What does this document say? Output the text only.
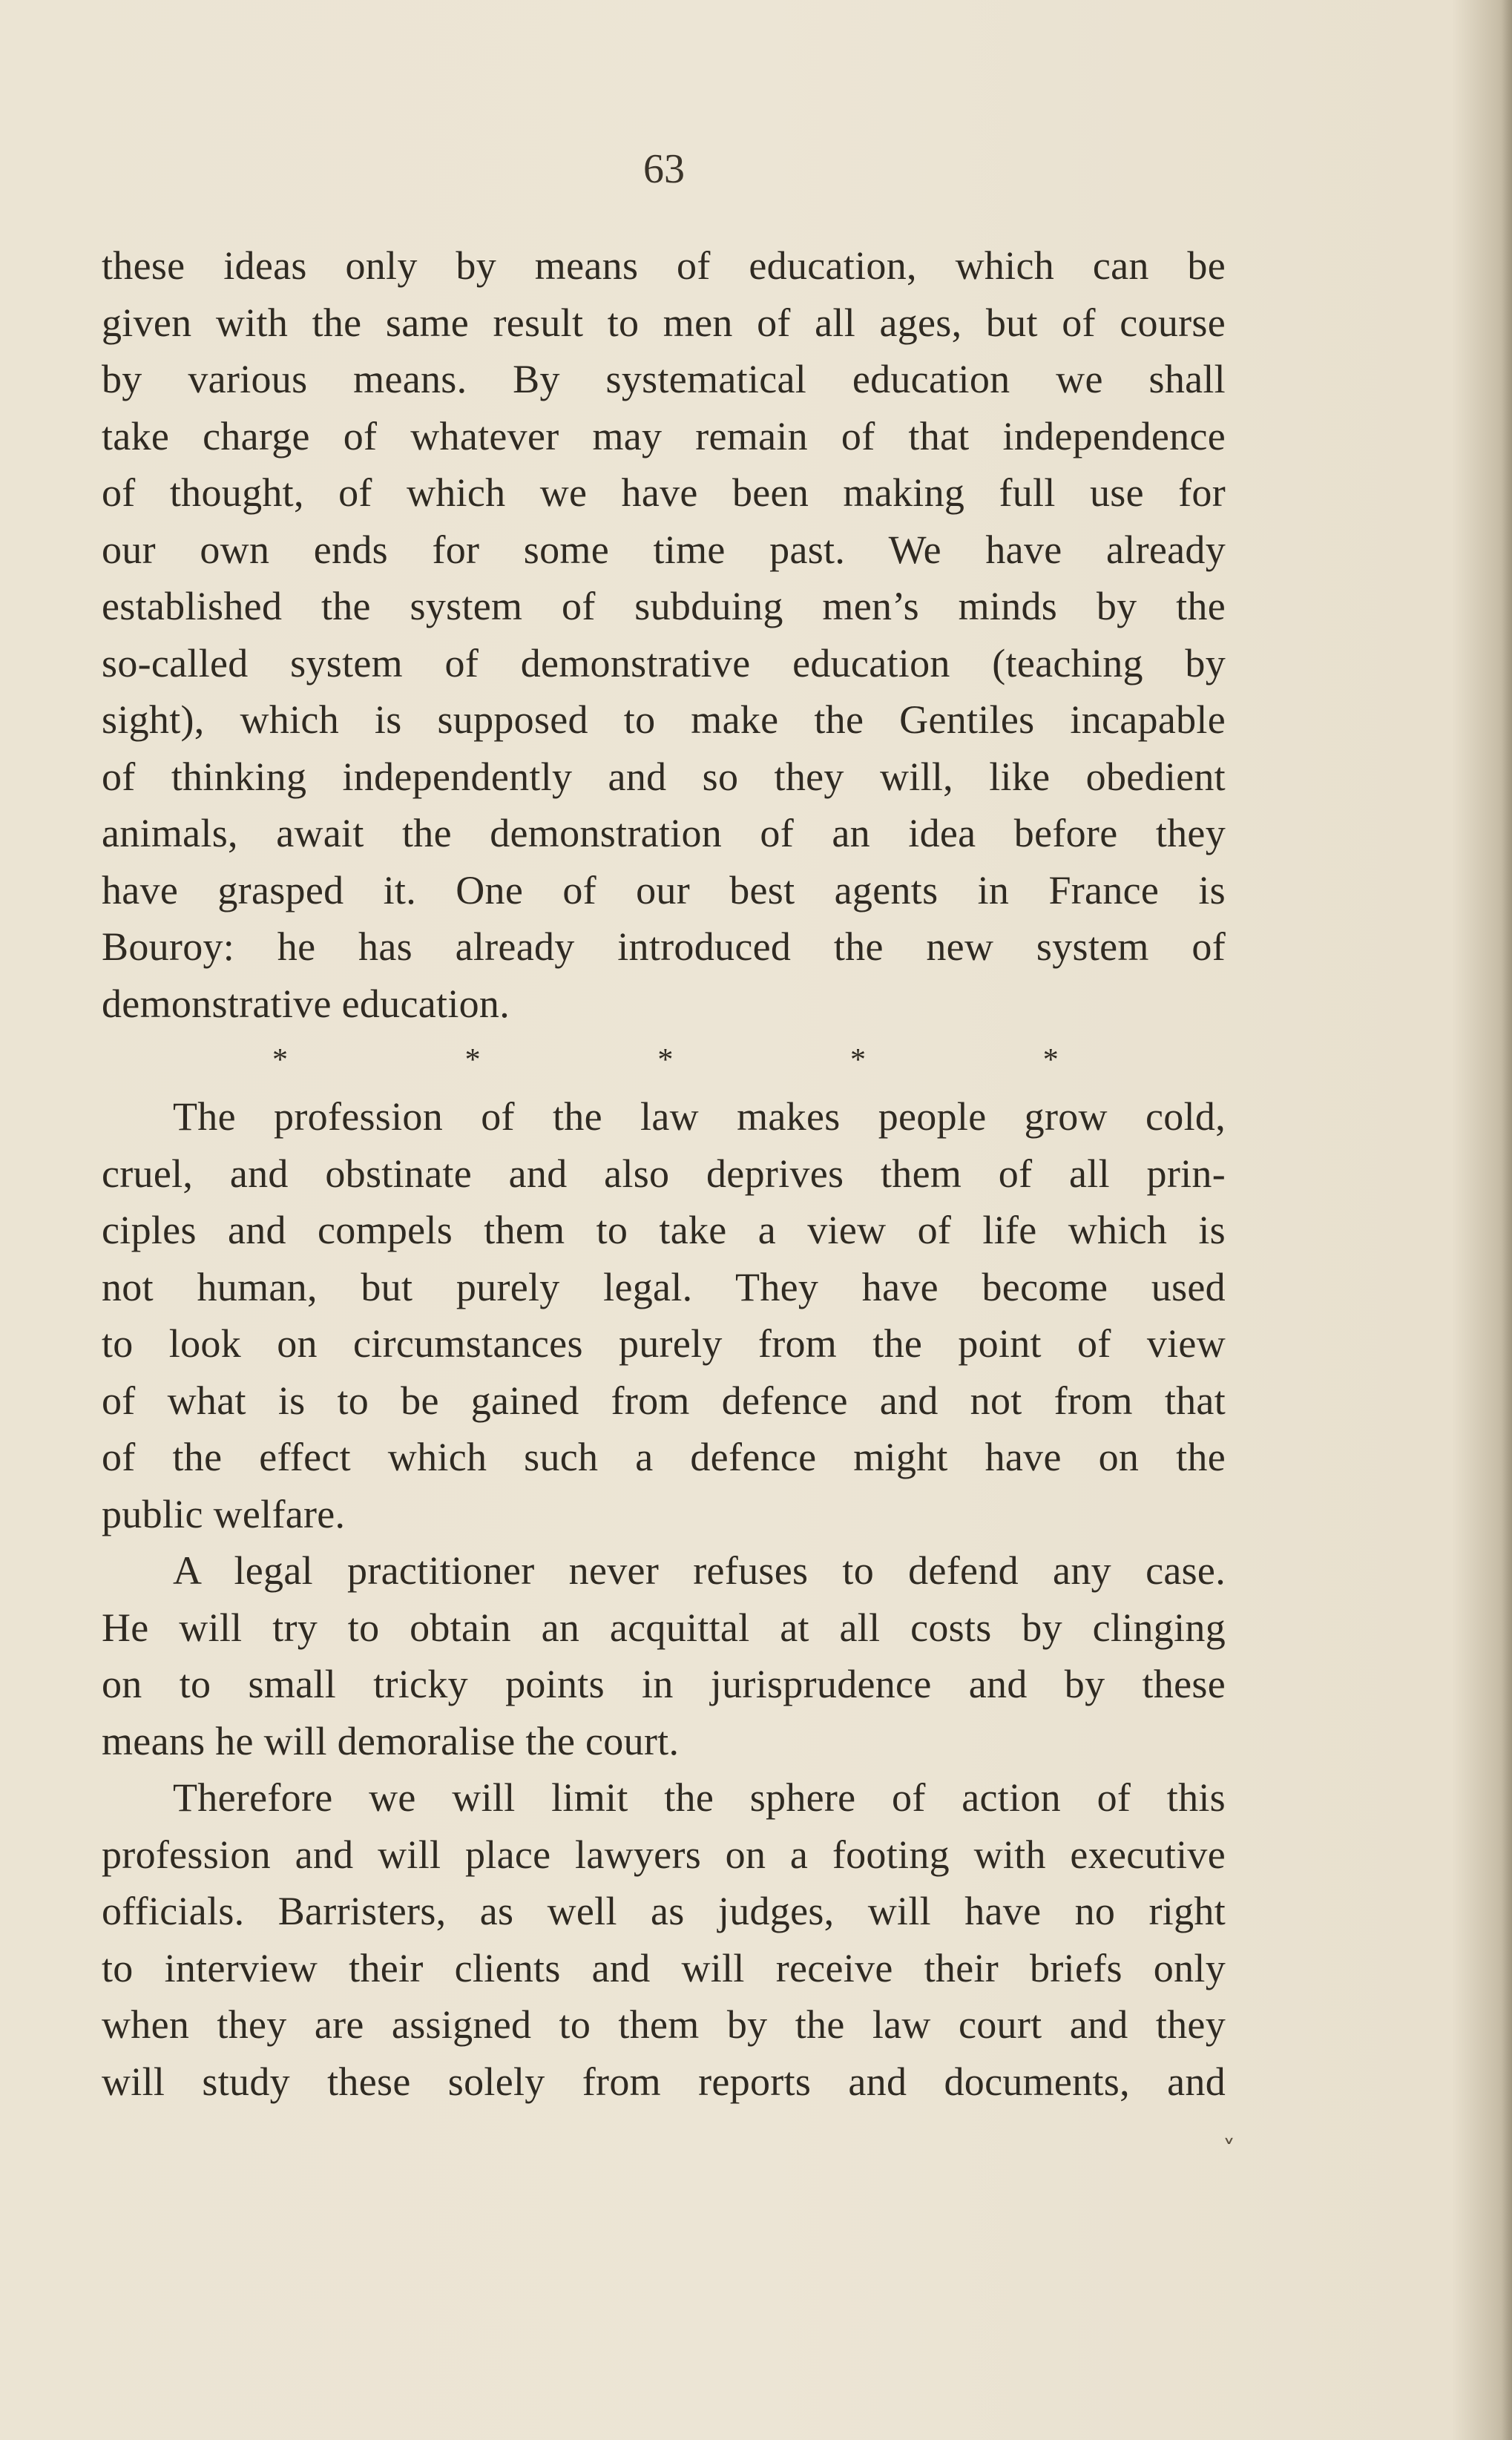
63
these ideas only by means of education, which can be
given with the same result to men of all ages, but of course
by various means. By systematical education we shall
take charge of whatever may remain of that independence
of thought, of which we have been making full use for
our own ends for some time past. We have already
established the system of subduing men’s minds by the
so-called system of demonstrative education (teaching by
sight), which is supposed to make the Gentiles incapable
of thinking independently and so they will, like obedient
animals, await the demonstration of an idea before they
have grasped it. One of our best agents in France is
Bouroy: he has already introduced the new system of
demonstrative education.
*	*	*	*	*
The profession of the law makes people grow cold,
cruel, and obstinate and also deprives them of all prin-
ciples and compels them to take a view of life which is
not human, but purely legal. They have become used
to look on circumstances purely from the point of view
of what is to be gained from defence and not from that
of the effect which such a defence might have on the
public welfare.
A legal practitioner never refuses to defend any case.
He will try to obtain an acquittal at all costs by clinging
on to small tricky points in jurisprudence and by these
means he will demoralise the court.
Therefore we will limit the sphere of action of this
profession and will place lawyers on a footing with executive
officials. Barristers, as well as judges, will have no right
to interview their clients and will receive their briefs only
when they are assigned to them by the law court and they
will study these solely from reports and documents, and
˅
